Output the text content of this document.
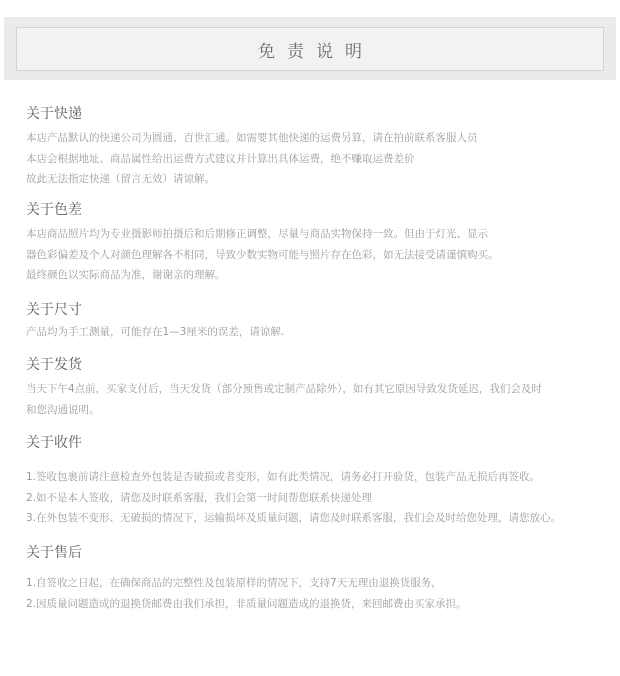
免责说明
关于快递
本店产品默认的快递公司为圆通、百世汇通。如需要其他快递的运费另算，请在拍前联系客服人员
本店会根据地址、商品属性给出运费方式建议并计算出具体运费，绝不赚取运费差价
故此无法指定快递（留言无效）请谅解。
关于色差
本店商品照片均为专业摄影师拍摄后和后期修正调整，尽量与商品实物保持一致。但由于灯光、显示
器色彩偏差及个人对颜色理解各不相同，导致少数实物可能与照片存在色彩，如无法接受请谨慎购买。
最终颜色以实际商品为准，谢谢亲的理解。
关于尺寸
产品均为手工测量，可能存在1—3厘米的误差，请谅解.
关于发货
当天下午4点前，买家支付后，当天发货（部分预售或定制产品除外），如有其它原因导致发货延迟，我们会及时
和您沟通说明。
关于收件
1.签收包裹前请注意检查外包装是否破损或者变形，如有此类情况，请务必打开验货，包装产品无损后再签收。
2.如不是本人签收，请您及时联系客服，我们会第一时间帮您联系快递处理
3.在外包装不变形、无破损的情况下，运输损坏及质量问题，请您及时联系客服，我们会及时给您处理，请您放心。
关于售后
1.自签收之日起，在确保商品的完整性及包装原样的情况下，支持7天无理由退换货服务，
2.因质量问题造成的退换货邮费由我们承担，非质量问题造成的退换货，来回邮费由买家承担。
